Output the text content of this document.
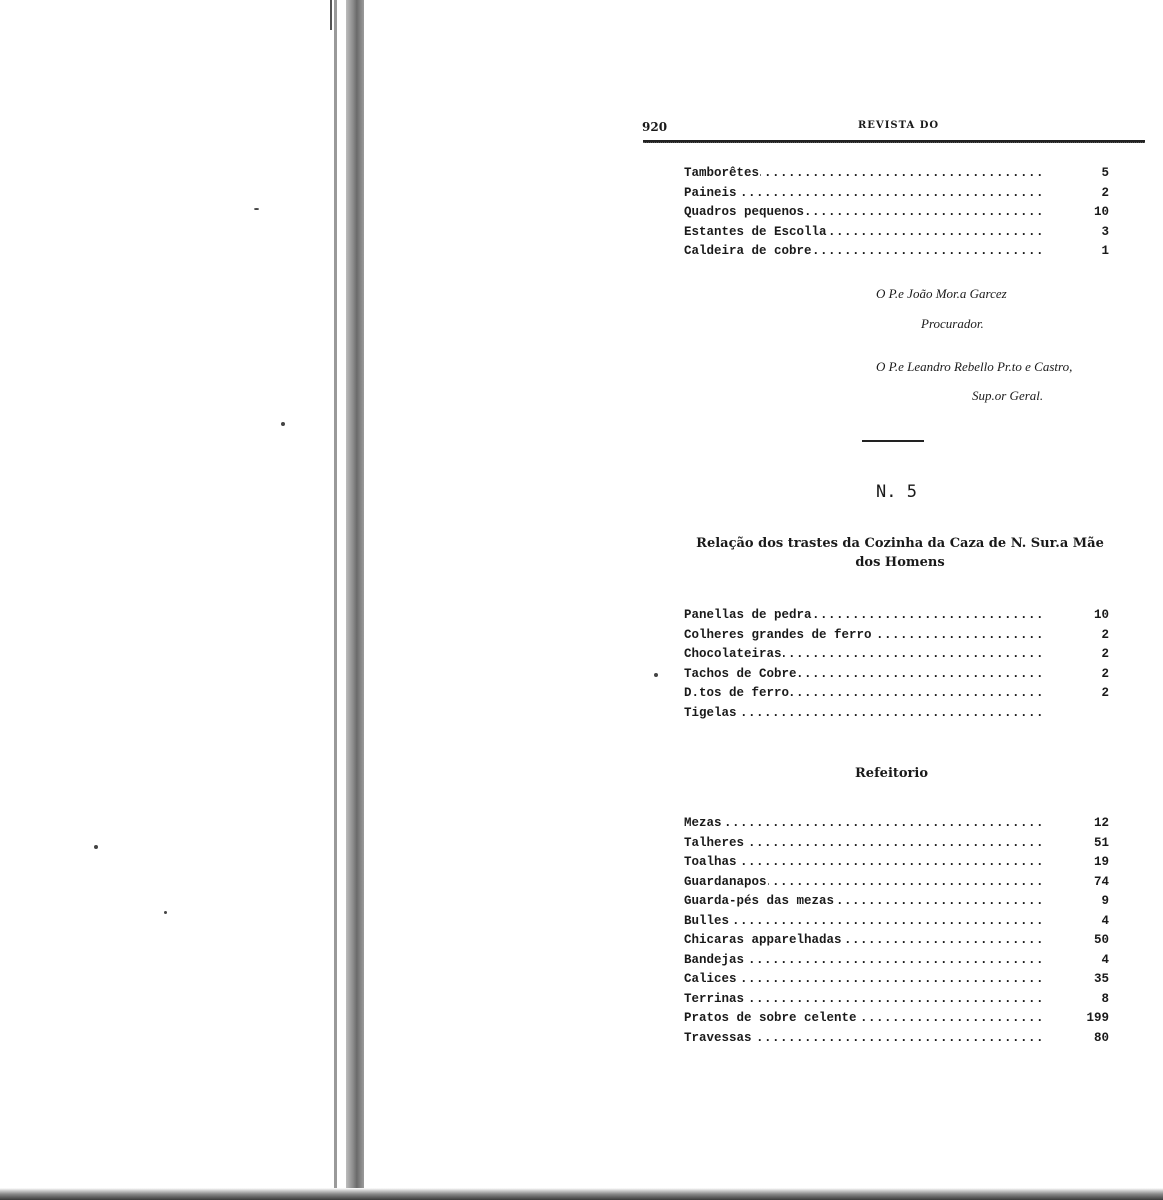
920	REVISTA DO
Tamborêtes .....	5
Paineis .....	2
Quadros pequenos .....	10
Estantes de Escolla .....	3
Caldeira de cobre .....	1
O P.e João Mor.a Garcez
Procurador.
O P.e Leandro Rebello Pr.to e Castro,
Sup.or Geral.
N. 5
Relação dos trastes da Cozinha da Caza de N. Sur.a Mãe
dos Homens
Panellas de pedra .....	10
Colheres grandes de ferro .....	2
Chocolateiras .....	2
Tachos de Cobre .....	2
D.tos de ferro .....	2
Tigelas .....
Refeitorio
Mezas .....	12
Talheres .....	51
Toalhas .....	19
Guardanapos .....	74
Guarda-pés das mezas .....	9
Bulles .....	4
Chicaras apparelhadas .....	50
Bandejas .....	4
Calices .....	35
Terrinas .....	8
Pratos de sobre celente .....	199
Travessas .....	80
